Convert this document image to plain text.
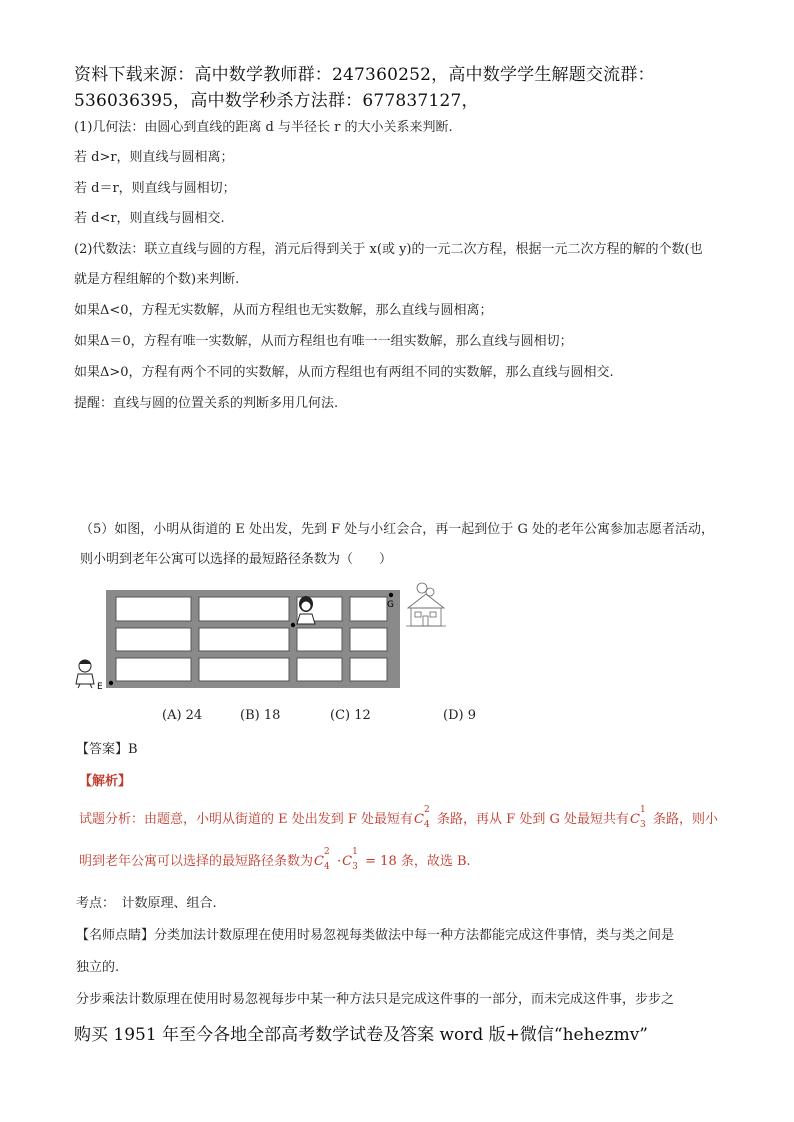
资料下载来源：高中数学教师群：247360252，高中数学学生解题交流群：
536036395，高中数学秒杀方法群：677837127，
(1)几何法：由圆心到直线的距离 d 与半径长 r 的大小关系来判断.
若 d>r，则直线与圆相离；
若 d＝r，则直线与圆相切；
若 d<r，则直线与圆相交.
(2)代数法：联立直线与圆的方程，消元后得到关于 x(或 y)的一元二次方程，根据一元二次方程的解的个数(也
就是方程组解的个数)来判断.
如果Δ<0，方程无实数解，从而方程组也无实数解，那么直线与圆相离；
如果Δ＝0，方程有唯一实数解，从而方程组也有唯一一组实数解，那么直线与圆相切；
如果Δ>0，方程有两个不同的实数解，从而方程组也有两组不同的实数解，那么直线与圆相交.
提醒：直线与圆的位置关系的判断多用几何法.
（5）如图，小明从街道的 E 处出发，先到 F 处与小红会合，再一起到位于 G 处的老年公寓参加志愿者活动，
则小明到老年公寓可以选择的最短路径条数为（　　）
E
G
(A) 24	(B) 18	(C) 12	(D) 9
【答案】B
【解析】
试题分析：由题意，小明从街道的 E 处出发到 F 处最短有C
2
4 条路，再从 F 处到 G 处最短共有C
1
3 条路，则小
明到老年公寓可以选择的最短路径条数为C
2
4 ·C
1
3 = 18 条，故选 B.
考点：　计数原理、组合.
【名师点睛】分类加法计数原理在使用时易忽视每类做法中每一种方法都能完成这件事情，类与类之间是
独立的.
分步乘法计数原理在使用时易忽视每步中某一种方法只是完成这件事的一部分，而未完成这件事，步步之
购买 1951 年至今各地全部高考数学试卷及答案 word 版+微信“hehezmv”
